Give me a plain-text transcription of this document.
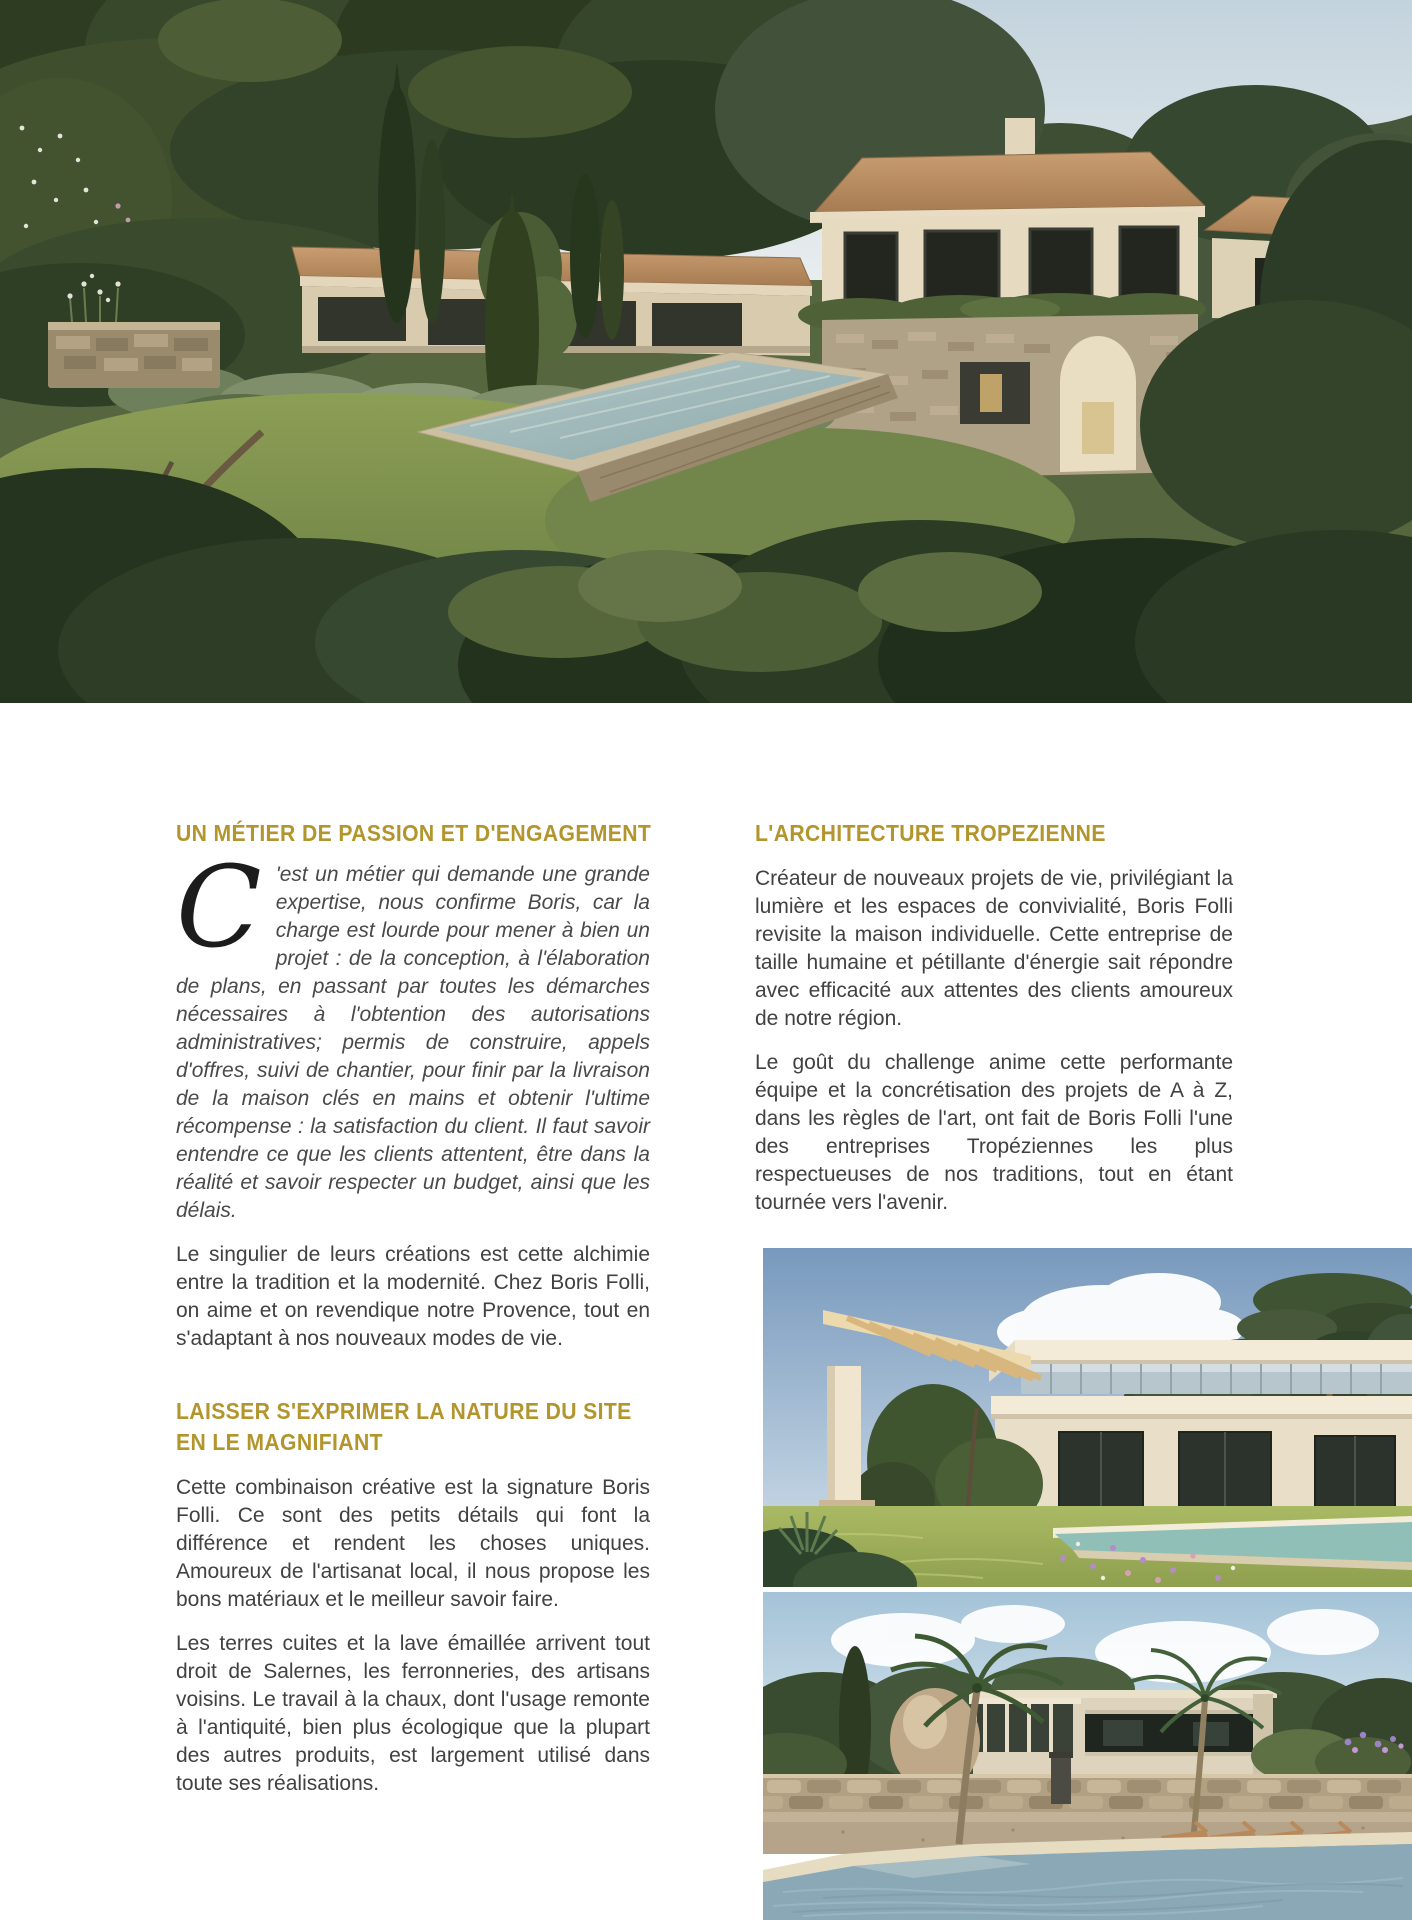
UN MÉTIER DE PASSION ET D'ENGAGEMENT

C 'est un métier qui demande une grande expertise, nous confirme Boris, car la charge est lourde pour mener à bien un projet : de la conception, à l'élaboration de plans, en passant par toutes les démarches nécessaires à l'obtention des autorisations administratives; permis de construire, appels d'offres, suivi de chantier, pour finir par la livraison de la maison clés en mains et obtenir l'ultime récompense : la satisfaction du client. Il faut savoir entendre ce que les clients attentent, être dans la réalité et savoir respecter un budget, ainsi que les délais.

Le singulier de leurs créations est cette alchimie entre la tradition et la modernité. Chez Boris Folli, on aime et on revendique notre Provence, tout en s'adaptant à nos nouveaux modes de vie.

LAISSER S'EXPRIMER LA NATURE DU SITE
EN LE MAGNIFIANT

Cette combinaison créative est la signature Boris Folli. Ce sont des petits détails qui font la différence et rendent les choses uniques. Amoureux de l'artisanat local, il nous propose les bons matériaux et le meilleur savoir faire.

Les terres cuites et la lave émaillée arrivent tout droit de Salernes, les ferronneries, des artisans voisins. Le travail à la chaux, dont l'usage remonte à l'antiquité, bien plus écologique que la plupart des autres produits, est largement utilisé dans toute ses réalisations.

L'ARCHITECTURE TROPEZIENNE

Créateur de nouveaux projets de vie, privilégiant la lumière et les espaces de convivialité, Boris Folli revisite la maison individuelle. Cette entreprise de taille humaine et pétillante d'énergie sait répondre avec efficacité aux attentes des clients amoureux de notre région.

Le goût du challenge anime cette performante équipe et la concrétisation des projets de A à Z, dans les règles de l'art, ont fait de Boris Folli l'une des entreprises Tropéziennes les plus respectueuses de nos traditions, tout en étant tournée vers l'avenir.
